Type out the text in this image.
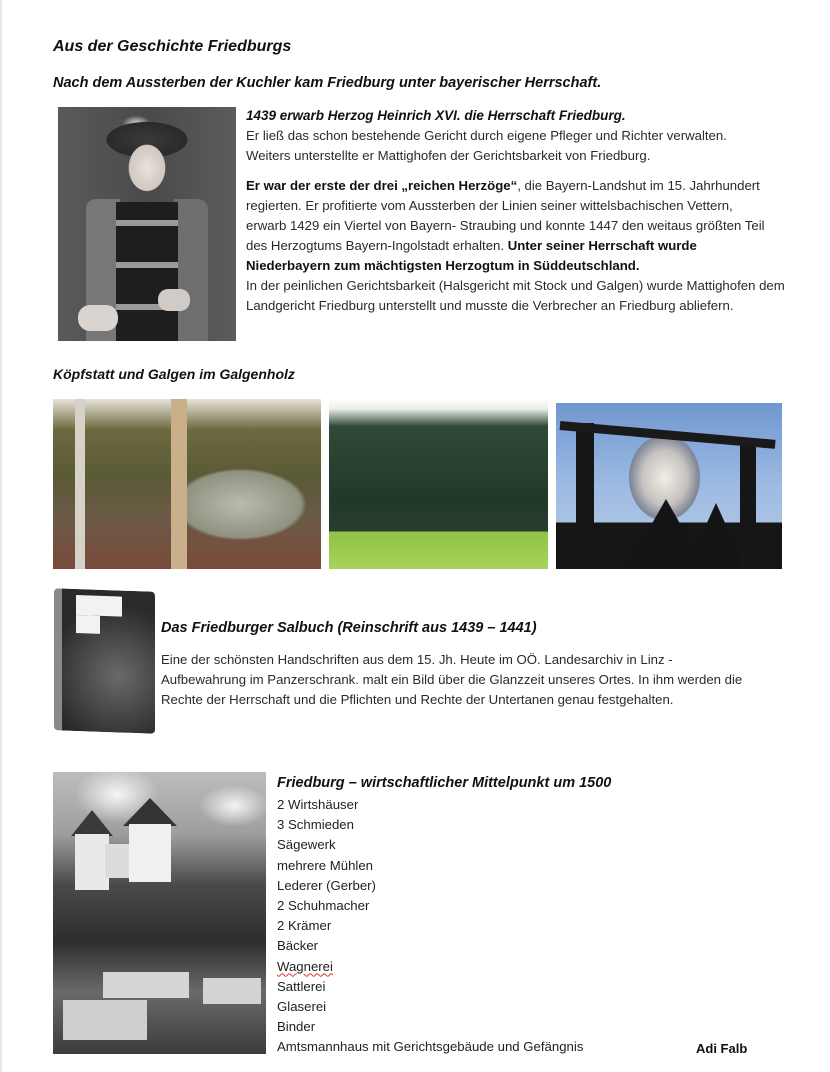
Aus der Geschichte Friedburgs
Nach dem Aussterben der Kuchler kam Friedburg unter bayerischer Herrschaft.
1439 erwarb Herzog Heinrich XVI. die Herrschaft Friedburg.
Er ließ das schon bestehende Gericht durch eigene Pfleger und Richter verwalten.
Weiters unterstellte er Mattighofen der Gerichtsbarkeit von Friedburg.

Er war der erste der drei „reichen Herzöge“, die Bayern-Landshut im 15. Jahrhundert regierten. Er profitierte vom Aussterben der Linien seiner wittelsbachischen Vettern, erwarb 1429 ein Viertel von Bayern- Straubing und konnte 1447 den weitaus größten Teil des Herzogtums Bayern-Ingolstadt erhalten. Unter seiner Herrschaft wurde Niederbayern zum mächtigsten Herzogtum in Süddeutschland.

In der peinlichen Gerichtsbarkeit (Halsgericht mit Stock und Galgen) wurde Mattighofen dem Landgericht Friedburg unterstellt und musste die Verbrecher an Friedburg abliefern.

Köpfstatt und Galgen im Galgenholz
Das Friedburger Salbuch (Reinschrift aus 1439 – 1441)

Eine der schönsten Handschriften aus dem 15. Jh. Heute im OÖ. Landesarchiv in Linz - Aufbewahrung im Panzerschrank. malt ein Bild über die Glanzzeit unseres Ortes. In ihm werden die Rechte der Herrschaft und die Pflichten und Rechte der Untertanen genau festgehalten.

Friedburg – wirtschaftlicher Mittelpunkt um 1500
2 Wirtshäuser
3 Schmieden
Sägewerk
mehrere Mühlen
Lederer (Gerber)
2 Schuhmacher
2 Krämer
Bäcker
Wagnerei
Sattlerei
Glaserei
Binder
Amtsmannhaus mit Gerichtsgebäude und Gefängnis	Adi Falb
